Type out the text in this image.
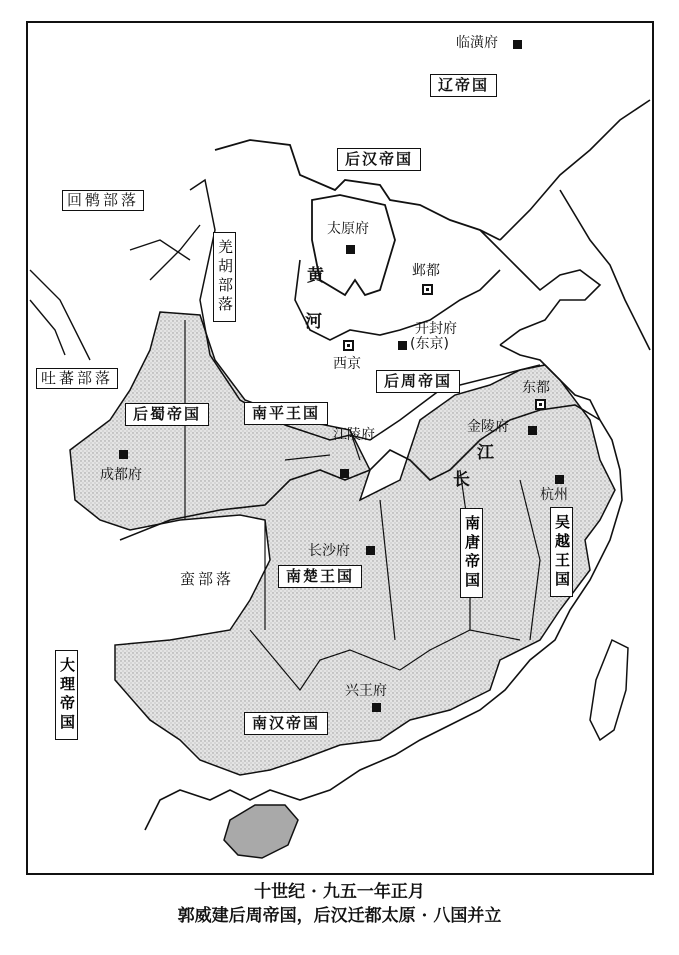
辽帝国
后汉帝国
后周帝国
后蜀帝国	南平王国
南楚王国
南汉帝国
南唐帝国	吴越王国
大理帝国
回鹘部落
羌胡部落
吐蕃部落
蛮部落
临潢府
太原府
邺都
开封府
(东京)
西京
东都
金陵府
江陵府
成都府
杭州
长沙府
兴王府
黄
河
江
长
十世纪 · 九五一年正月
郭威建后周帝国，后汉迁都太原 · 八国并立
